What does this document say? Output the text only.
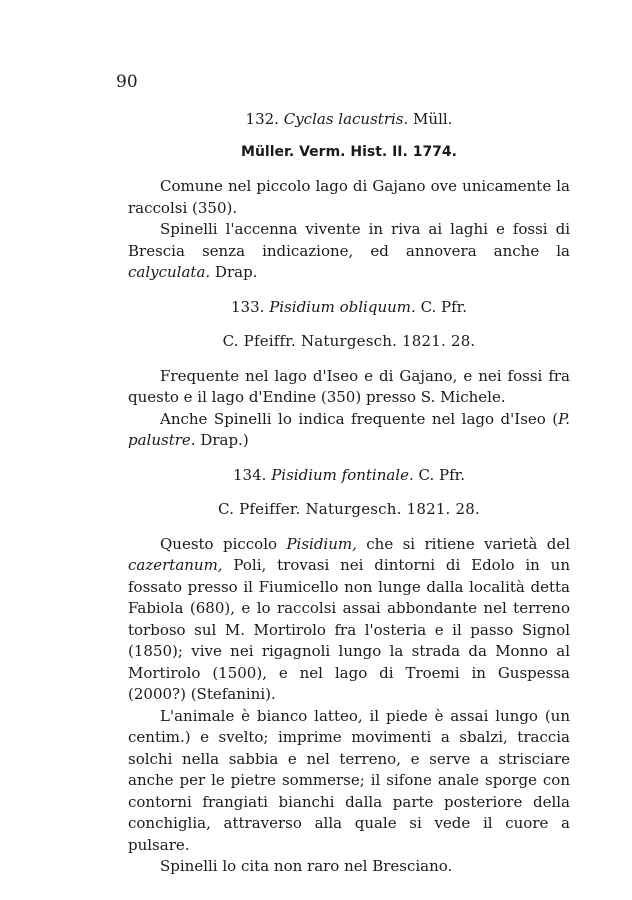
90
132. Cyclas lacustris. Müll.
Müller. Verm. Hist. II. 1774.

Comune nel piccolo lago di Gajano ove unicamente la raccolsi (350).

Spinelli l'accenna vivente in riva ai laghi e fossi di Brescia senza indicazione, ed annovera anche la calyculata. Drap.

133. Pisidium obliquum. C. Pfr.
C. Pfeiffr. Naturgesch. 1821. 28.

Frequente nel lago d'Iseo e di Gajano, e nei fossi fra questo e il lago d'Endine (350) presso S. Michele.

Anche Spinelli lo indica frequente nel lago d'Iseo (P. palustre. Drap.)

134. Pisidium fontinale. C. Pfr.
C. Pfeiffer. Naturgesch. 1821. 28.

Questo piccolo Pisidium, che si ritiene varietà del cazertanum, Poli, trovasi nei dintorni di Edolo in un fossato presso il Fiumicello non lunge dalla località detta Fabiola (680), e lo raccolsi assai abbondante nel terreno torboso sul M. Mortirolo fra l'osteria e il passo Signol (1850); vive nei rigagnoli lungo la strada da Monno al Mortirolo (1500), e nel lago di Troemi in Guspessa (2000?) (Stefanini).

L'animale è bianco latteo, il piede è assai lungo (un centim.) e svelto; imprime movimenti a sbalzi, traccia solchi nella sabbia e nel terreno, e serve a strisciare anche per le pietre sommerse; il sifone anale sporge con contorni frangiati bianchi dalla parte posteriore della conchiglia, attraverso alla quale si vede il cuore a pulsare.

Spinelli lo cita non raro nel Bresciano.
